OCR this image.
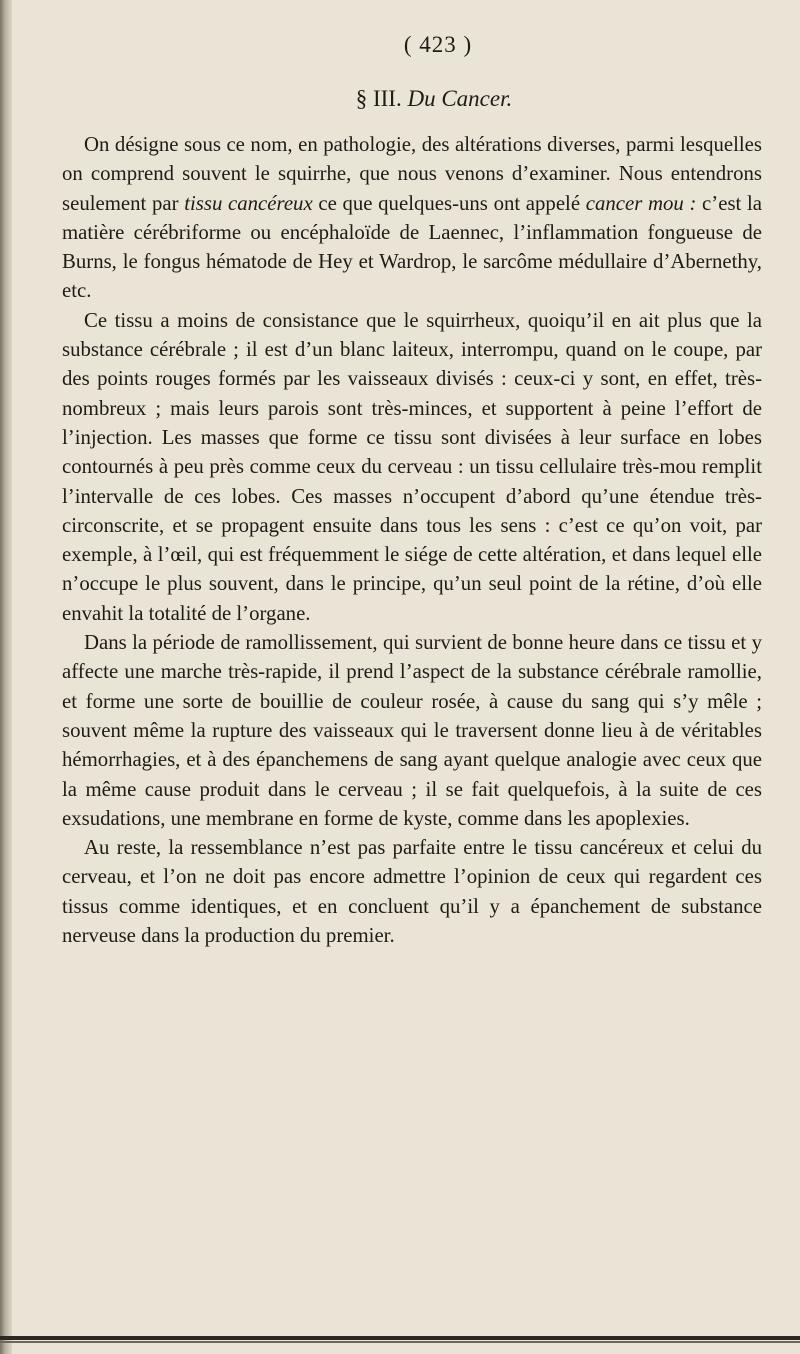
( 423 )
§ III. Du Cancer.

On désigne sous ce nom, en pathologie, des altérations diverses, parmi lesquelles on comprend souvent le squirrhe, que nous venons d’examiner. Nous entendrons seulement par tissu cancéreux ce que quelques-uns ont appelé cancer mou : c’est la matière cérébriforme ou encéphaloïde de Laennec, l’inflammation fongueuse de Burns, le fongus hématode de Hey et Wardrop, le sarcôme médullaire d’Abernethy, etc.

Ce tissu a moins de consistance que le squirrheux, quoiqu’il en ait plus que la substance cérébrale ; il est d’un blanc laiteux, interrompu, quand on le coupe, par des points rouges formés par les vaisseaux divisés : ceux-ci y sont, en effet, très-nombreux ; mais leurs parois sont très-minces, et supportent à peine l’effort de l’injection. Les masses que forme ce tissu sont divisées à leur surface en lobes contournés à peu près comme ceux du cerveau : un tissu cellulaire très-mou remplit l’intervalle de ces lobes. Ces masses n’occupent d’abord qu’une étendue très-circonscrite, et se propagent ensuite dans tous les sens : c’est ce qu’on voit, par exemple, à l’œil, qui est fréquemment le siége de cette altération, et dans lequel elle n’occupe le plus souvent, dans le principe, qu’un seul point de la rétine, d’où elle envahit la totalité de l’organe.

Dans la période de ramollissement, qui survient de bonne heure dans ce tissu et y affecte une marche très-rapide, il prend l’aspect de la substance cérébrale ramollie, et forme une sorte de bouillie de couleur rosée, à cause du sang qui s’y mêle ; souvent même la rupture des vaisseaux qui le traversent donne lieu à de véritables hémorrhagies, et à des épanchemens de sang ayant quelque analogie avec ceux que la même cause produit dans le cerveau ; il se fait quelquefois, à la suite de ces exsudations, une membrane en forme de kyste, comme dans les apoplexies.

Au reste, la ressemblance n’est pas parfaite entre le tissu cancéreux et celui du cerveau, et l’on ne doit pas encore admettre l’opinion de ceux qui regardent ces tissus comme identiques, et en concluent qu’il y a épanchement de substance nerveuse dans la production du premier.
